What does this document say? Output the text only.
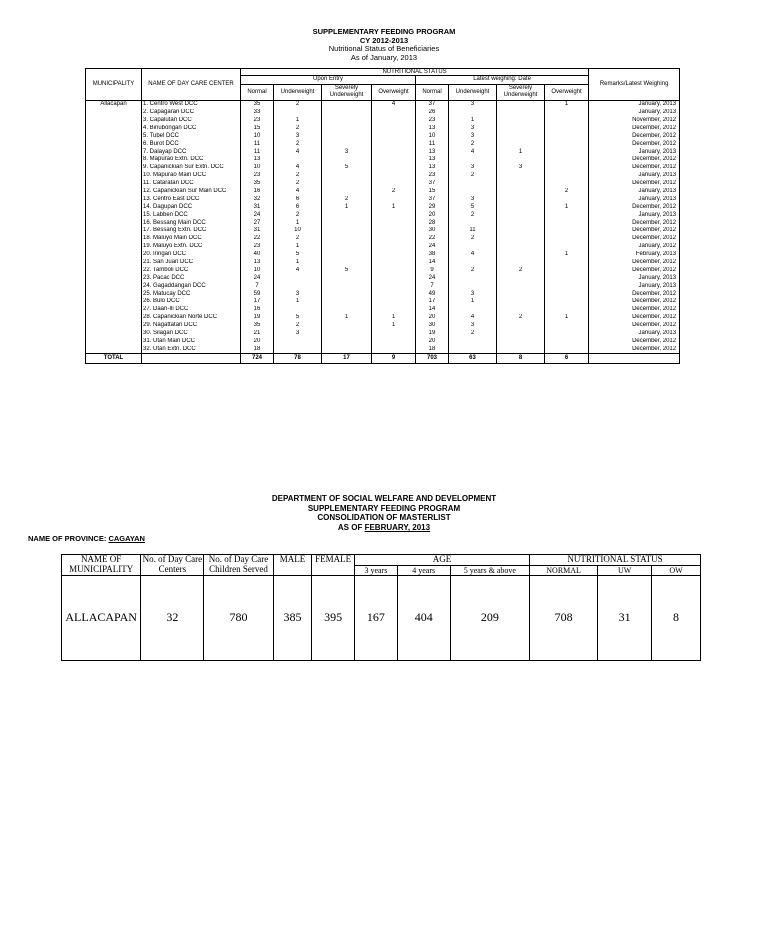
SUPPLEMENTARY FEEDING PROGRAM
CY 2012-2013
Nutritional Status of Beneficiaries
As of January, 2013
MUNICIPALITY	NAME OF DAY CARE CENTER	NUTRITIONAL STATUS								Remarks/Latest Weighing
		Upon Entry				Latest weighing: Date				
		Normal	Underweight	Severely Underweight	Overweight	Normal	Underweight	Severely Underweight	Overweight	
Allacapan	1. Centro West DCC	35	2		4	37	3		1	January, 2013
	2. Capagaran DCC	33				26				January, 2013
	3. Capalutan DCC	23	1			23	1			November, 2012
	4. Binubongan DCC	15	2			13	3			December, 2012
	5. Tubel DCC	10	3			10	3			December, 2012
	6. Burot DCC	11	2			11	2			December, 2012
	7. Dalayap DCC	11	4	3		13	4	1		January, 2013
	8. Mapurao Extn. DCC	13				13				December, 2012
	9. Capanickian Sur Extn. DCC	10	4	5		13	3	3		December, 2012
	10. Mapurao Main DCC	23	2			23	2			January, 2013
	11. Cataratan DCC	35	2			37				December, 2012
	12. Capanickian Sur Main DCC	16	4		2	15			2	January, 2013
	13. Centro East DCC	32	6	2		37	3			January, 2013
	14. Dagupan DCC	31	6	1	1	29	5		1	December, 2012
	15. Labben DCC	24	2			20	2			January, 2013
	16. Bessang Main DCC	27	1			28				December, 2012
	17. Bessang Extn. DCC	31	10			30	11			December, 2012
	18. Maluyo Main DCC	22	2			22	2			December, 2012
	19. Maluyo Extn. DCC	23	1			24				January, 2012
	20. Iringan DCC	40	5			38	4		1	February, 2013
	21. San Juan DCC	13	1			14				December, 2012
	22. Tamboli DCC	10	4	5		9	2	2		December, 2012
	23. Pacac DCC	24				24				January, 2013
	24. Gagaddangan DCC	7				7				January, 2013
	25. Matucay DCC	59	3			49	3			December, 2012
	26. Bulo DCC	17	1			17	1			December, 2012
	27. Daan-Ili DCC	16				14				December, 2012
	28. Capanickian Norte DCC	19	5	1	1	20	4	2	1	December, 2012
	29. Nagattatan DCC	35	2		1	30	3			December, 2012
	30. Silagan DCC	21	3			19	2			January, 2013
	31. Utan Main DCC	20				20				December, 2012
	32. Utan Extn. DCC	18				18				December, 2012
TOTAL		724	78	17	9	703	63	8	6	
DEPARTMENT OF SOCIAL WELFARE AND DEVELOPMENT
SUPPLEMENTARY FEEDING PROGRAM
CONSOLIDATION OF MASTERLIST
AS OF FEBRUARY, 2013
NAME OF PROVINCE: CAGAYAN
NAME OF MUNICIPALITY	No. of Day Care Centers	No. of Day Care Children Served	MALE	FEMALE	AGE			NUTRITIONAL STATUS		
					3 years	4 years	5 years & above	NORMAL	UW	OW
ALLACAPAN	32	780	385	395	167	404	209	708	31	8
